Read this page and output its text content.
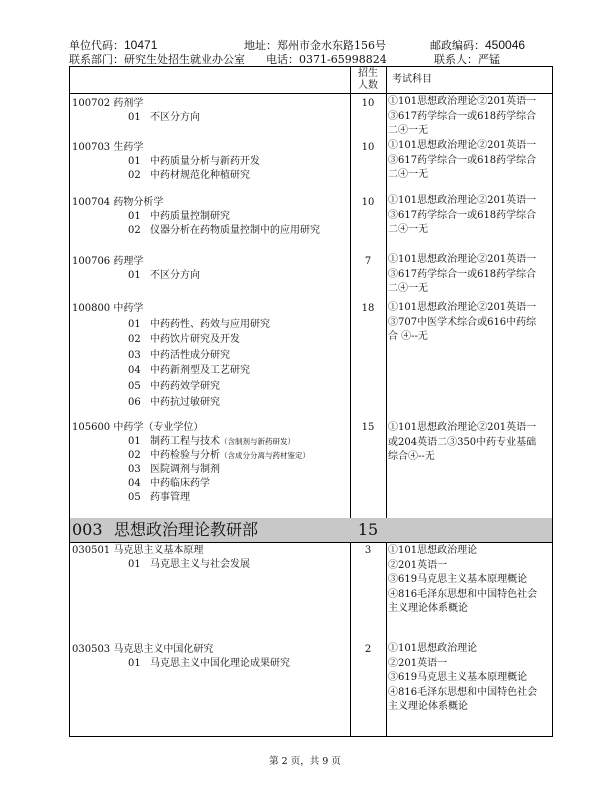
单位代码：10471	地址：郑州市金水东路156号	邮政编码：450046
联系部门：研究生处招生就业办公室 电话：0371-65998824	联系人：严锰
招生
人数
考试科目
100702 药剂学
01 不区分方向
10	①101思想政治理论②201英语一
③617药学综合一或618药学综合
二④一无
100703 生药学
01 中药质量分析与新药开发
02 中药材规范化种植研究
10	①101思想政治理论②201英语一
③617药学综合一或618药学综合
二④一无
100704 药物分析学
01 中药质量控制研究
02 仪器分析在药物质量控制中的应用研究
10	①101思想政治理论②201英语一
③617药学综合一或618药学综合
二④一无
100706 药理学
01 不区分方向
7	①101思想政治理论②201英语一
③617药学综合一或618药学综合
二④一无
100800 中药学
01 中药药性、药效与应用研究
02 中药饮片研究及开发
03 中药活性成分研究
04 中药新剂型及工艺研究
05 中药药效学研究
06 中药抗过敏研究
18	①101思想政治理论②201英语一
③707中医学术综合或616中药综
合 ④--无
105600 中药学（专业学位）
01 制药工程与技术（含制剂与新药研发）
02 中药检验与分析（含成分分离与药材鉴定）
03 医院调剂与制剂
04 中药临床药学
05 药事管理
15	①101思想政治理论②201英语一
或204英语二③350中药专业基础
综合④--无
003 思想政治理论教研部	15
030501 马克思主义基本原理
01 马克思主义与社会发展
3	①101思想政治理论
②201英语一
③619马克思主义基本原理概论
④816毛泽东思想和中国特色社会
主义理论体系概论
030503 马克思主义中国化研究
01 马克思主义中国化理论成果研究
2	①101思想政治理论
②201英语一
③619马克思主义基本原理概论
④816毛泽东思想和中国特色社会
主义理论体系概论
第 2 页，共 9 页
